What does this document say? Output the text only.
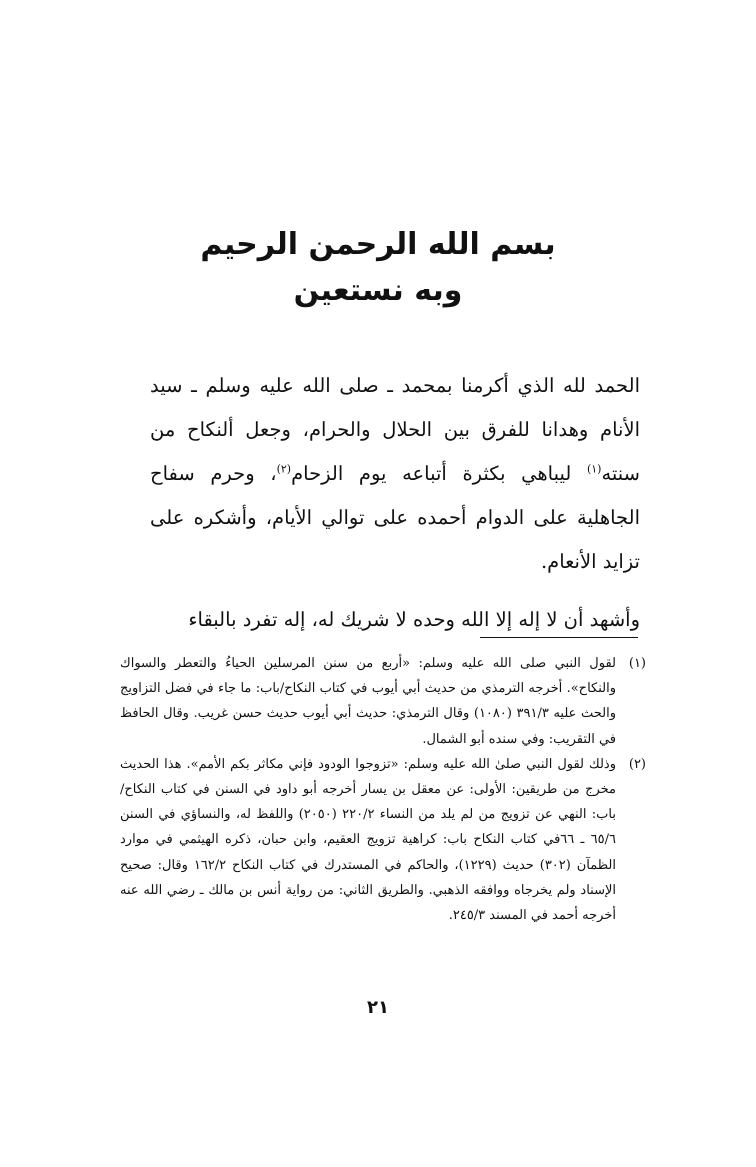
بسم الله الرحمن الرحيم
وبه نستعين

الحمد لله الذي أكرمنا بمحمد ـ صلى الله عليه وسلم ـ سيد الأنام وهدانا للفرق بين الحلال والحرام، وجعل ألنكاح من سنته$^{(١)}$ ليباهي بكثرة أتباعه يوم الزحام$^{(٢)}$، وحرم سفاح الجاهلية على الدوام أحمده على توالي الأيام، وأشكره على تزايد الأنعام.

وأشهد أن لا إله إلا الله وحده لا شريك له، إله تفرد بالبقاء

(١)
لقول النبي صلى الله عليه وسلم: «أربع من سنن المرسلين الحياءُ والتعطر والسواك والنكاح». أخرجه الترمذي من حديث أبي أيوب في كتاب النكاح/باب: ما جاء في فضل التزاويج والحث عليه ٣٩١/٣ (١٠٨٠) وقال الترمذي: حديث أبي أيوب حديث حسن غريب. وقال الحافظ في التقريب: وفي سنده أبو الشمال.
(٢)
وذلك لقول النبي صلىٰ الله عليه وسلم: «تزوجوا الودود فإني مكاثر بكم الأمم». هذا الحديث مخرج من طريقين: الأولى: عن معقل بن يسار أخرجه أبو داود في السنن في كتاب النكاح/باب: النهي عن تزويج من لم يلد من النساء ٢٢٠/٢ (٢٠٥٠) واللفظ له، والنساؤي في السنن ٦٥/٦ ـ ٦٦في كتاب النكاح باب: كراهية تزويج العقيم، وابن حبان، ذكره الهيثمي في موارد الظمآن (٣٠٢) حديث (١٢٢٩)، والحاكم في المستدرك في كتاب النكاح ١٦٢/٢ وقال: صحيح الإسناد ولم يخرجاه ووافقه الذهبي. والطريق الثاني: من رواية أنس بن مالك ـ رضي الله عنه أخرجه أحمد في المسند ٢٤٥/٣.
٢١
